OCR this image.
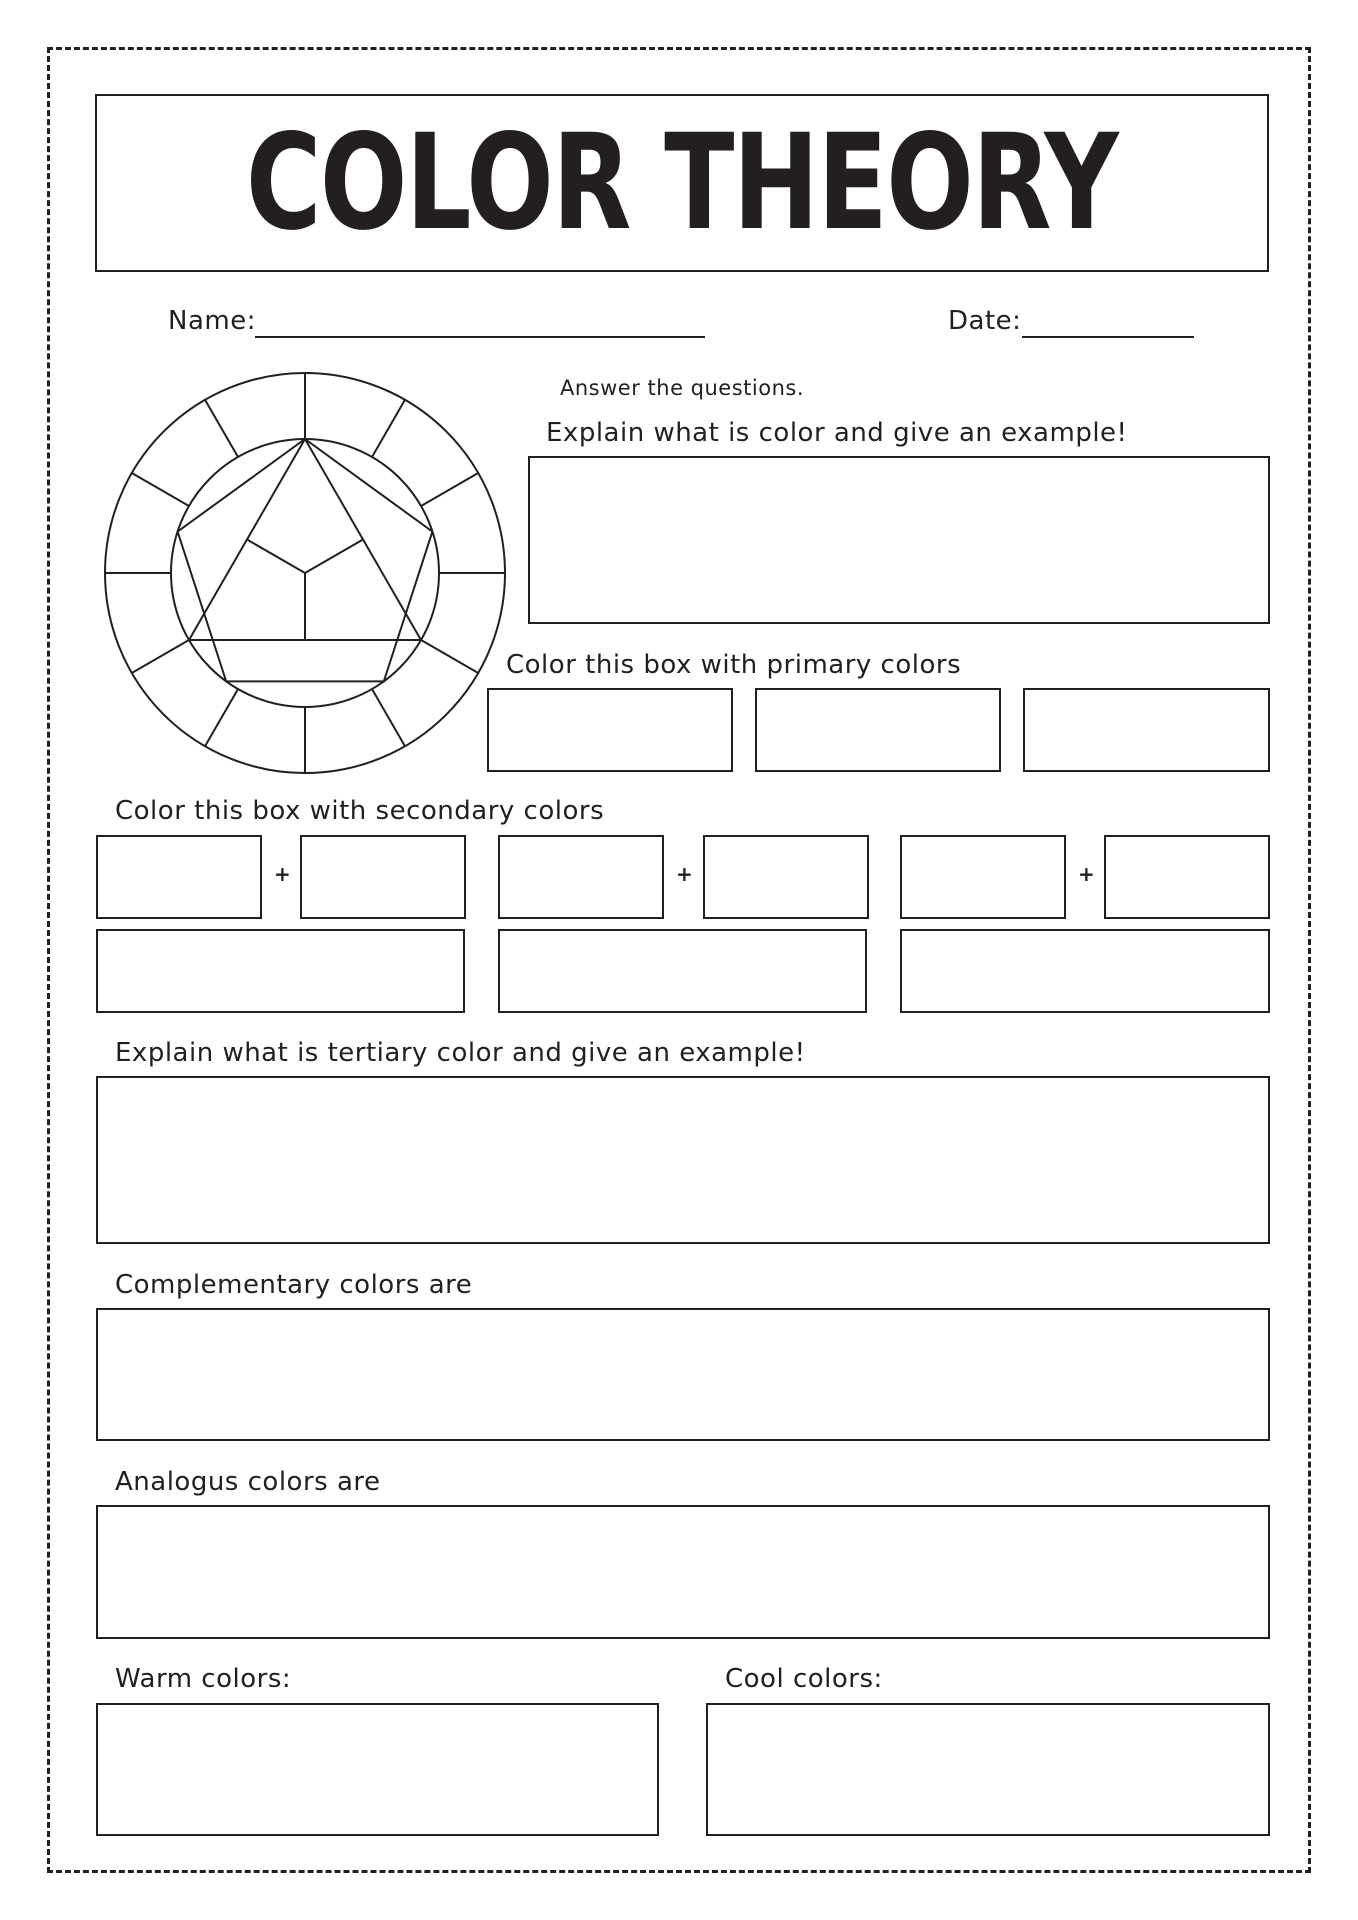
COLOR THEORY
Name:	Date:
Answer the questions.
Explain what is color and give an example!
Color this box with primary colors
Color this box with secondary colors
+	+	+
Explain what is tertiary color and give an example!
Complementary colors are
Analogus colors are
Warm colors:	Cool colors:
